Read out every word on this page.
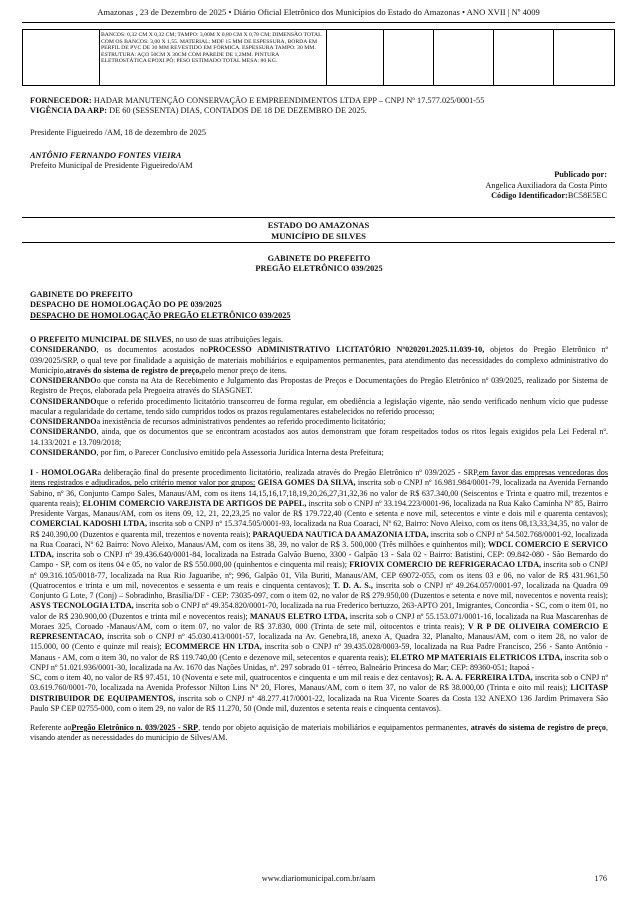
Amazonas , 23 de Dezembro de 2025 • Diário Oficial Eletrônico dos Municípios do Estado do Amazonas • ANO XVII | Nº 4009
BANCOS: 0,32 CM X 0,32 CM; TAMPO: 3,00M X 0,80 CM X 0,78 CM; DIMENSÃO TOTAL COM OS BANCOS: 3,00 X 1,55. MATERIAL: MDF 15 MM DE ESPESSURA, BORDA EM PERFIL DE PVC DE 30 MM REVESTIDO EM FÓRMICA. ESPESSURA TAMPO: 30 MM. ESTRUTURA: AÇO 50CM X 30CM COM PAREDE DE 1,2MM. PINTURA ELETROSTÁTICA EPOXI PÓ; PESO ESTIMADO TOTAL MESA: 80 KG.
FORNECEDOR: HADAR MANUTENÇÃO CONSERVAÇÃO E EMPREENDIMENTOS LTDA EPP – CNPJ Nº 17.577.025/0001-55
VIGÊNCIA DA ARP: DE 60 (SESSENTA) DIAS, CONTADOS DE 18 DE DEZEMBRO DE 2025.
Presidente Figueiredo /AM, 18 de dezembro de 2025
ANTÔNIO FERNANDO FONTES VIEIRA
Prefeito Municipal de Presidente Figueiredo/AM
Publicado por:
Angelica Auxiliadora da Costa Pinto
Código Identificador:BC58E5EC
ESTADO DO AMAZONAS
MUNICÍPIO DE SILVES
GABINETE DO PREFEITO
PREGÃO ELETRÔNICO 039/2025
GABINETE DO PREFEITO
DESPACHO DE HOMOLOGAÇÃO DO PE 039/2025
DESPACHO DE HOMOLOGAÇÃO PREGÃO ELETRÔNICO 039/2025

O PREFEITO MUNICIPAL DE SILVES, no uso de suas atribuições legais.

CONSIDERANDO, os documentos acostados noPROCESSO ADMINISTRATIVO LICITATÓRIO Nº020201.2025.11.039-10, objetos do Pregão Eletrônico nº 039/2025/SRP, o qual teve por finalidade a aquisição de materiais mobiliários e equipamentos permanentes, para atendimento das necessidades do complexo administrativo do Município,através do sistema de registro de preço,pelo menor preço de itens.

CONSIDERANDOo que consta na Ata de Recebimento e Julgamento das Propostas de Preços e Documentações do Pregão Eletrônico nº 039/2025, realizado por Sistema de Registro de Preços, elaborada pela Pregoeira através do SIASGNET.

CONSIDERANDOque o referido procedimento licitatório transcorreu de forma regular, em obediência a legislação vigente, não sendo verificado nenhum vício que pudesse macular a regularidade do certame, tendo sido cumpridos todos os prazos regulamentares estabelecidos no referido processo;

CONSIDERANDOa inexistência de recursos administrativos pendentes ao referido procedimento licitatório;

CONSIDERANDO, ainda, que os documentos que se encontram acostados aos autos demonstram que foram respeitados todos os ritos legais exigidos pela Lei Federal nº. 14.133/2021 e 13.709/2018;

CONSIDERANDO, por fim, o Parecer Conclusivo emitido pela Assessoria Jurídica Interna desta Prefeitura;

I - HOMOLOGARa deliberação final do presente procedimento licitatório, realizada através do Pregão Eletrônico nº 039/2025 - SRP,em favor das empresas vencedoras dos itens registrados e adjudicados, pelo critério menor valor por grupos; GEISA GOMES DA SILVA, inscrita sob o CNPJ nº 16.981.984/0001-79, localizada na Avenida Fernando Sabino, nº 36, Conjunto Campo Sales, Manaus/AM, com os itens 14,15,16,17,18,19,20,26,27,31,32,36 no valor de R$ 637.340,00 (Seiscentos e Trinta e quatro mil, trezentos e quarenta reais); ELOHIM COMERCIO VAREJISTA DE ARTIGOS DE PAPEL, inscrita sob o CNPJ nº 33.194.223/0001-96, localizada na Rua Kako Caminha Nº 85, Bairro Presidente Vargas, Manaus/AM, com os itens 09, 12, 21, 22,23,25 no valor de R$ 179.722,40 (Cento e setenta e nove mil, setecentos e vinte e dois mil e quarenta centavos); COMERCIAL KADOSHI LTDA, inscrita sob o CNPJ nº 15.374.505/0001-93, localizada na Rua Coaraci, Nº 62, Bairro: Novo Aleixo, com os itens 08,13,33,34,35, no valor de R$ 240.390,00 (Duzentos e quarenta mil, trezentos e noventa reais); PARAQUEDA NAUTICA DA AMAZONIA LTDA, inscrita sob o CNPJ nº 54.502.768/0001-92, localizada na Rua Coaraci, Nº 62 Bairro: Novo Aleixo, Manaus/AM, com os itens 38, 39, no valor de R$ 3. 500,000 (Três milhões e quinhentos mil); WDCL COMERCIO E SERVICO LTDA, inscrita sob o CNPJ nº 39.436.640/0001-84, localizada na Estrada Galvão Bueno, 3300 - Galpão 13 - Sala 02 - Bairro: Batistini, CEP: 09.842-080 - São Bernardo do Campo - SP, com os itens 04 e 05, no valor de R$ 550.000,00 (quinhentos e cinquenta mil reais); FRIOVIX COMERCIO DE REFRIGERACAO LTDA, inscrita sob o CNPJ nº 09.316.105/0018-77, localizada na Rua Rio Jaguaribe, nº; 996, Galpão 01, Vila Buriti, Manaus/AM, CEP 69072-055, com os itens 03 e 06, no valor de R$ 431.961,50 (Quatrocentos e trinta e um mil, novecentos e sessenta e um reais e cinquenta centavos); T. D. A. S., inscrita sob o CNPJ nº 49.264.057/0001-97, localizada na Quadra 09 Conjunto G Lote, 7 (Conj) – Sobradinho, Brasília/DF - CEP: 73035-097, com o item 02, no valor de R$ 279.950,00 (Duzentos e setenta e nove mil, novecentos e noventa reais); ASYS TECNOLOGIA LTDA, inscrita sob o CNPJ nº 49.354.820/0001-70, localizada na rua Frederico bertuzzo, 263-APTO 201, Imigrantes, Concordia - SC, com o item 01, no valor de R$ 230.900,00 (Duzentos e trinta mil e novecentos reais); MANAUS ELETRO LTDA, inscrita sob o CNPJ nº 55.153.071/0001-16, localizada na Rua Mascarenhas de Moraes 325, Coroado -Manaus/AM, com o item 07, no valor de R$ 37.830, 000 (Trinta de sete mil, oitocentos e trinta reais); V R P DE OLIVEIRA COMERCIO E REPRESENTACAO, inscrita sob o CNPJ nº 45.030.413/0001-57, localizada na Av. Genebra,18, anexo A, Quadra 32, Planalto, Manaus/AM, com o item 28, no valor de 115.000, 00 (Cento e quinze mil reais); ECOMMERCE HN LTDA, inscrita sob o CNPJ nº 39.435.028/0003-59, localizada na Rua Padre Francisco, 256 - Santo Antônio - Manaus - AM, com o item 30, no valor de R$ 119.740,00 (Cento e dezenove mil, setecentos e quarenta reais); ELETRO MP MATERIAIS ELETRICOS LTDA, inscrita sob o CNPJ nº 51.021.936/0001-30, localizada na Av. 1670 das Nações Unidas, nº. 297 sobrado 01 - térreo, Balneário Princesa do Mar; CEP: 89360-051; Itapoá -

SC, com o item 40, no valor de R$ 97.451, 10 (Noventa e sete mil, quatrocentos e cinquenta e um mil reais e dez centavos); R. A. A. FERREIRA LTDA, inscrita sob o CNPJ nº 03.619.760/0001-70, localizada na Avenida Professor Nilton Lins Nº 20, Flores, Manaus/AM, com o item 37, no valor de R$ 38.000,00 (Trinta e oito mil reais); LICITASP DISTRIBUIDOR DE EQUIPAMENTOS, inscrita sob o CNPJ nº 48.277.417/0001-22, localizada na Rua Vicente Soares da Costa 132 ANEXO 136 Jardim Primavera São Paulo SP CEP 02755-000, com o item 29, no valor de R$ 11.270, 50 (Onde mil, duzentos e setenta reais e cinquenta centavos).

Referente aoPregão Eletrônico n. 039/2025 - SRP, tendo por objeto aquisição de materiais mobiliários e equipamentos permanentes, através do sistema de registro de preço, visando atender as necessidades do município de Silves/AM.

www.diariomunicipal.com.br/aam	176
